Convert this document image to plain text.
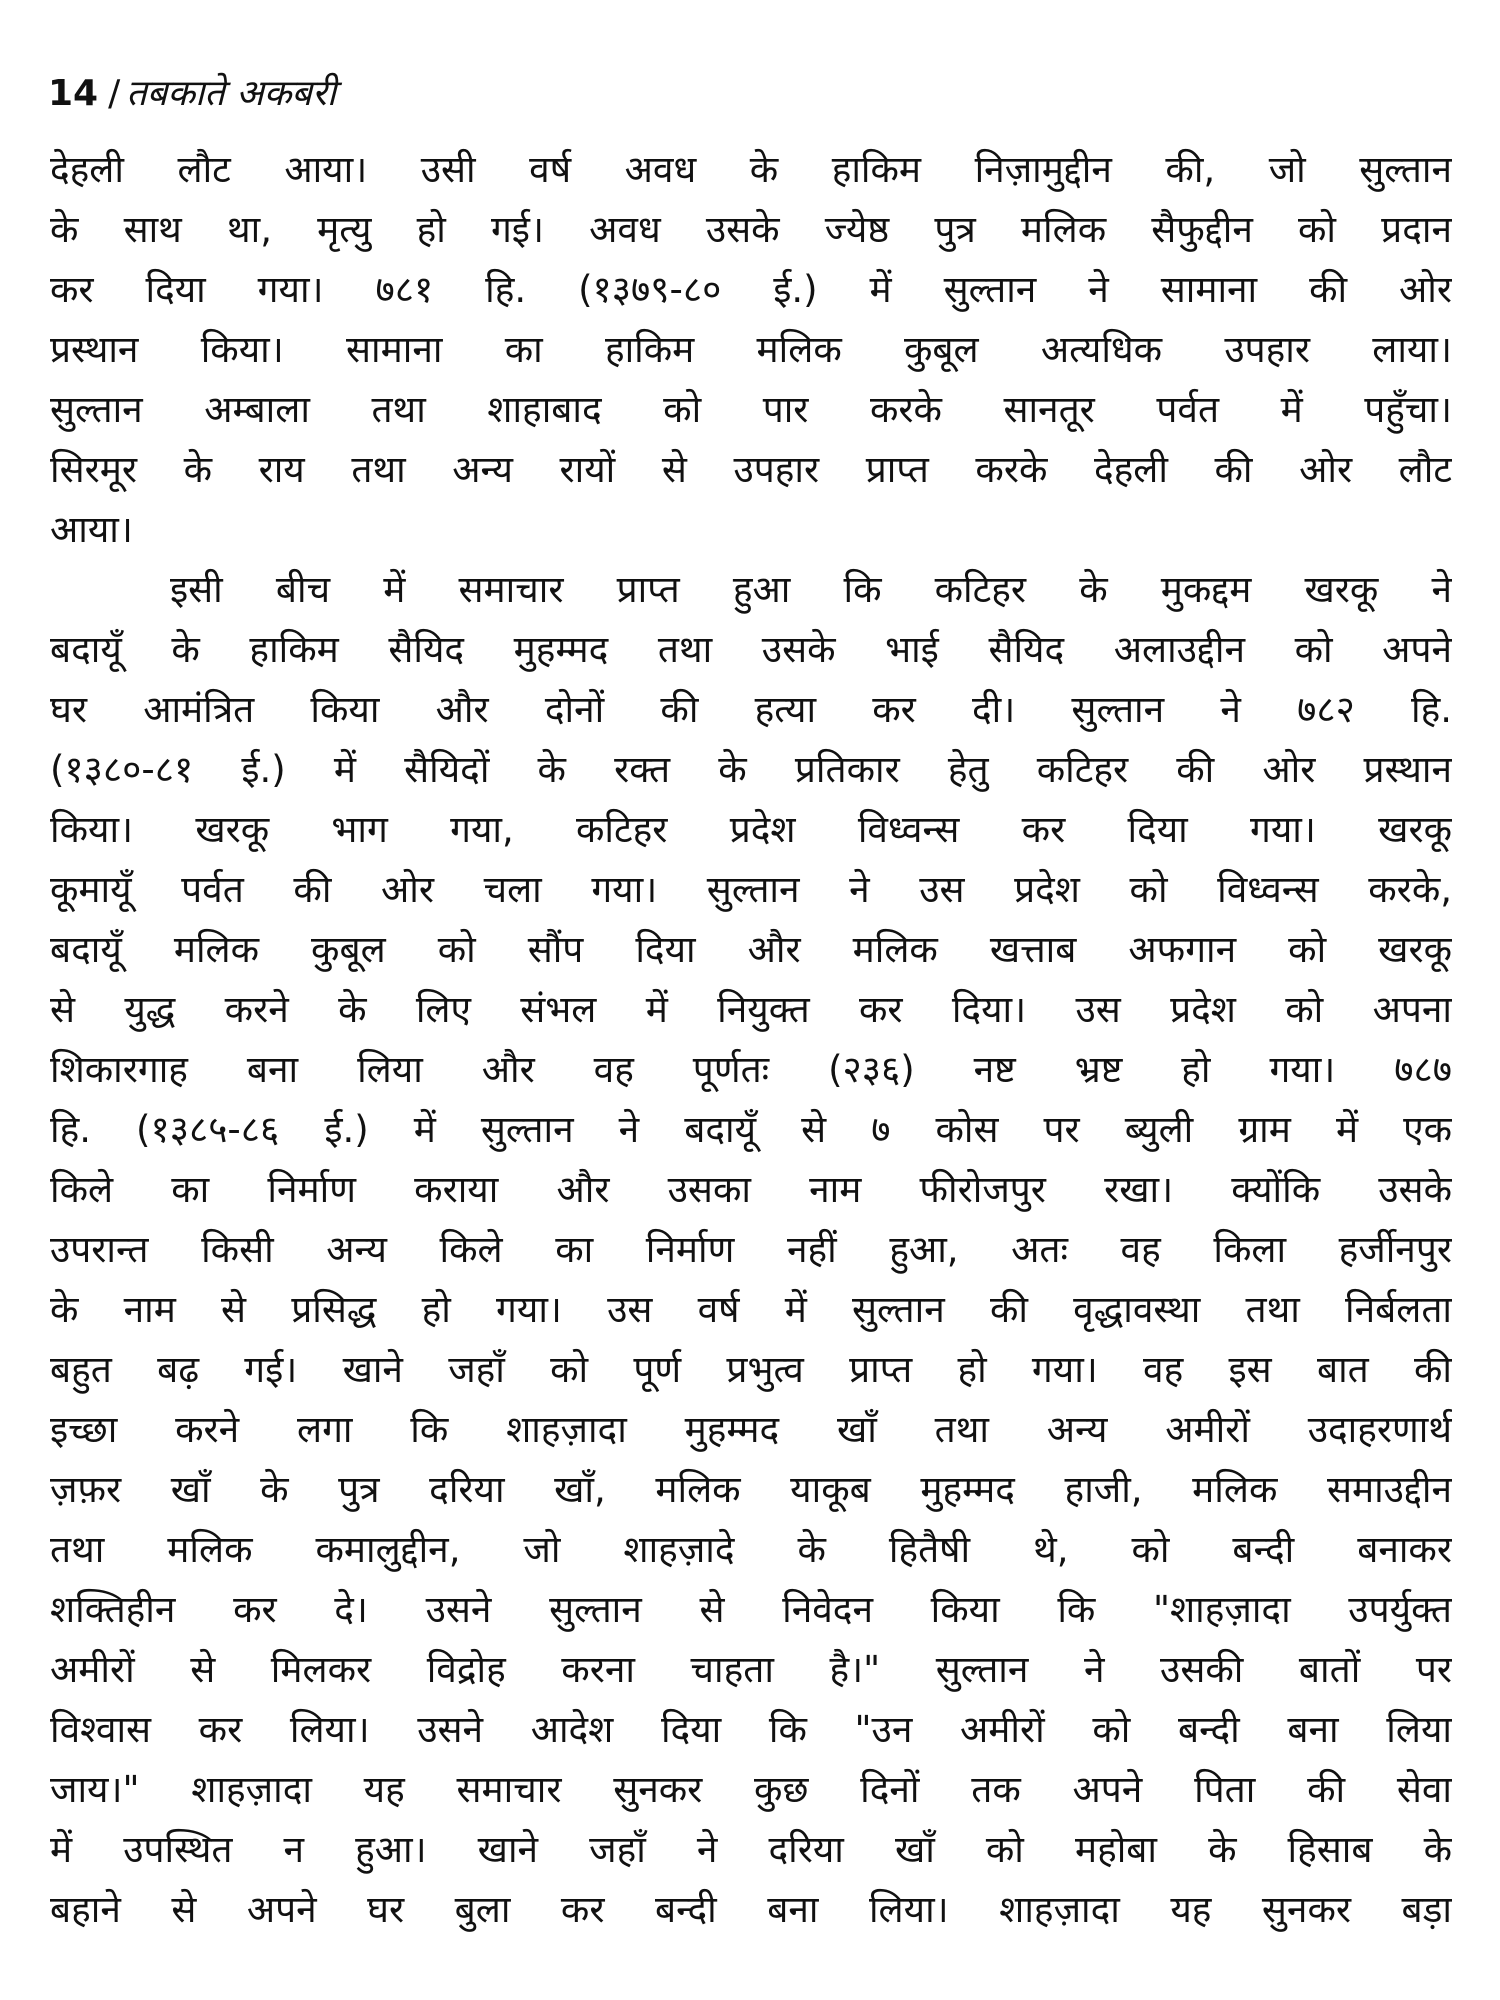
14 / तबकाते अकबरी
देहली लौट आया। उसी वर्ष अवध के हाकिम निज़ामुद्दीन की, जो सुल्तान
के साथ था, मृत्यु हो गई। अवध उसके ज्येष्ठ पुत्र मलिक सैफुद्दीन को प्रदान
कर दिया गया। ७८१ हि. (१३७९-८० ई.) में सुल्तान ने सामाना की ओर
प्रस्थान किया। सामाना का हाकिम मलिक कुबूल अत्यधिक उपहार लाया।
सुल्तान अम्बाला तथा शाहाबाद को पार करके सानतूर पर्वत में पहुँचा।
सिरमूर के राय तथा अन्य रायों से उपहार प्राप्त करके देहली की ओर लौट
आया।
इसी बीच में समाचार प्राप्त हुआ कि कटिहर के मुकद्दम खरकू ने
बदायूँ के हाकिम सैयिद मुहम्मद तथा उसके भाई सैयिद अलाउद्दीन को अपने
घर आमंत्रित किया और दोनों की हत्या कर दी। सुल्तान ने ७८२ हि.
(१३८०-८१ ई.) में सैयिदों के रक्त के प्रतिकार हेतु कटिहर की ओर प्रस्थान
किया। खरकू भाग गया, कटिहर प्रदेश विध्वन्स कर दिया गया। खरकू
कूमायूँ पर्वत की ओर चला गया। सुल्तान ने उस प्रदेश को विध्वन्स करके,
बदायूँ मलिक कुबूल को सौंप दिया और मलिक खत्ताब अफगान को खरकू
से युद्ध करने के लिए संभल में नियुक्त कर दिया। उस प्रदेश को अपना
शिकारगाह बना लिया और वह पूर्णतः (२३६) नष्ट भ्रष्ट हो गया। ७८७
हि. (१३८५-८६ ई.) में सुल्तान ने बदायूँ से ७ कोस पर ब्युली ग्राम में एक
किले का निर्माण कराया और उसका नाम फीरोजपुर रखा। क्योंकि उसके
उपरान्त किसी अन्य किले का निर्माण नहीं हुआ, अतः वह किला हर्जीनपुर
के नाम से प्रसिद्ध हो गया। उस वर्ष में सुल्तान की वृद्धावस्था तथा निर्बलता
बहुत बढ़ गई। खाने जहाँ को पूर्ण प्रभुत्व प्राप्त हो गया। वह इस बात की
इच्छा करने लगा कि शाहज़ादा मुहम्मद खाँ तथा अन्य अमीरों उदाहरणार्थ
ज़फ़र खाँ के पुत्र दरिया खाँ, मलिक याकूब मुहम्मद हाजी, मलिक समाउद्दीन
तथा मलिक कमालुद्दीन, जो शाहज़ादे के हितैषी थे, को बन्दी बनाकर
शक्तिहीन कर दे। उसने सुल्तान से निवेदन किया कि "शाहज़ादा उपर्युक्त
अमीरों से मिलकर विद्रोह करना चाहता है।" सुल्तान ने उसकी बातों पर
विश्वास कर लिया। उसने आदेश दिया कि "उन अमीरों को बन्दी बना लिया
जाय।" शाहज़ादा यह समाचार सुनकर कुछ दिनों तक अपने पिता की सेवा
में उपस्थित न हुआ। खाने जहाँ ने दरिया खाँ को महोबा के हिसाब के
बहाने से अपने घर बुला कर बन्दी बना लिया। शाहज़ादा यह सुनकर बड़ा
